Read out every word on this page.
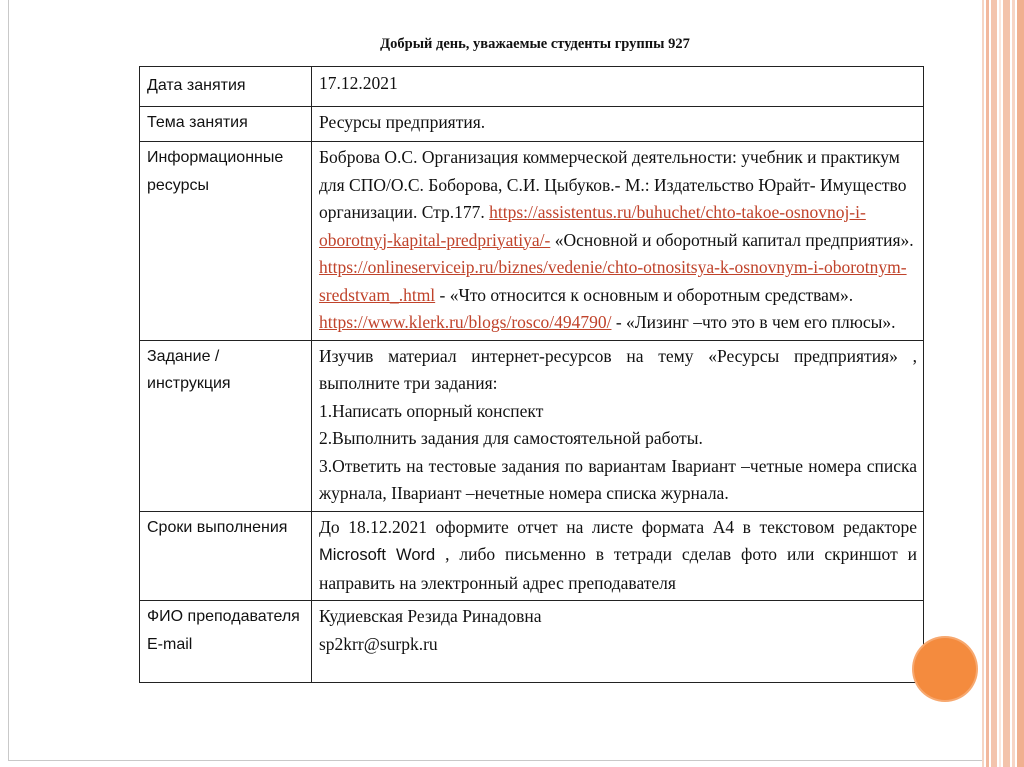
Добрый день, уважаемые студенты группы 927
Дата занятия	17.12.2021
Тема занятия	Ресурсы предприятия.
Информационные ресурсы	Боброва О.С. Организация коммерческой деятельности: учебник и практикум для СПО/О.С. Боборова, С.И. Цыбуков.- М.: Издательство Юрайт- Имущество организации. Стр.177. https://assistentus.ru/buhuchet/chto-takoe-osnovnoj-i-oborotnyj-kapital-predpriyatiya/- «Основной и оборотный капитал предприятия». https://onlineserviceip.ru/biznes/vedenie/chto-otnositsya-k-osnovnym-i-oborotnym-sredstvam_.html - «Что относится к основным и оборотным средствам». https://www.klerk.ru/blogs/rosco/494790/ - «Лизинг –что это в чем его плюсы».
Задание / инструкция	Изучив материал интернет-ресурсов на тему «Ресурсы предприятия» , выполните три задания:
1.Написать опорный конспект
2.Выполнить задания для самостоятельной работы.
3.Ответить на тестовые задания по вариантам Iвариант –четные номера списка журнала, IIвариант –нечетные номера списка журнала.

Сроки выполнения	До 18.12.2021 оформите отчет на листе формата А4 в текстовом редакторе Microsoft Word , либо письменно в тетради сделав фото или скриншот и направить на электронный адрес преподавателя
ФИО преподавателя E-mail	Кудиевская Резида Ринадовна
sp2krr@surpk.ru
